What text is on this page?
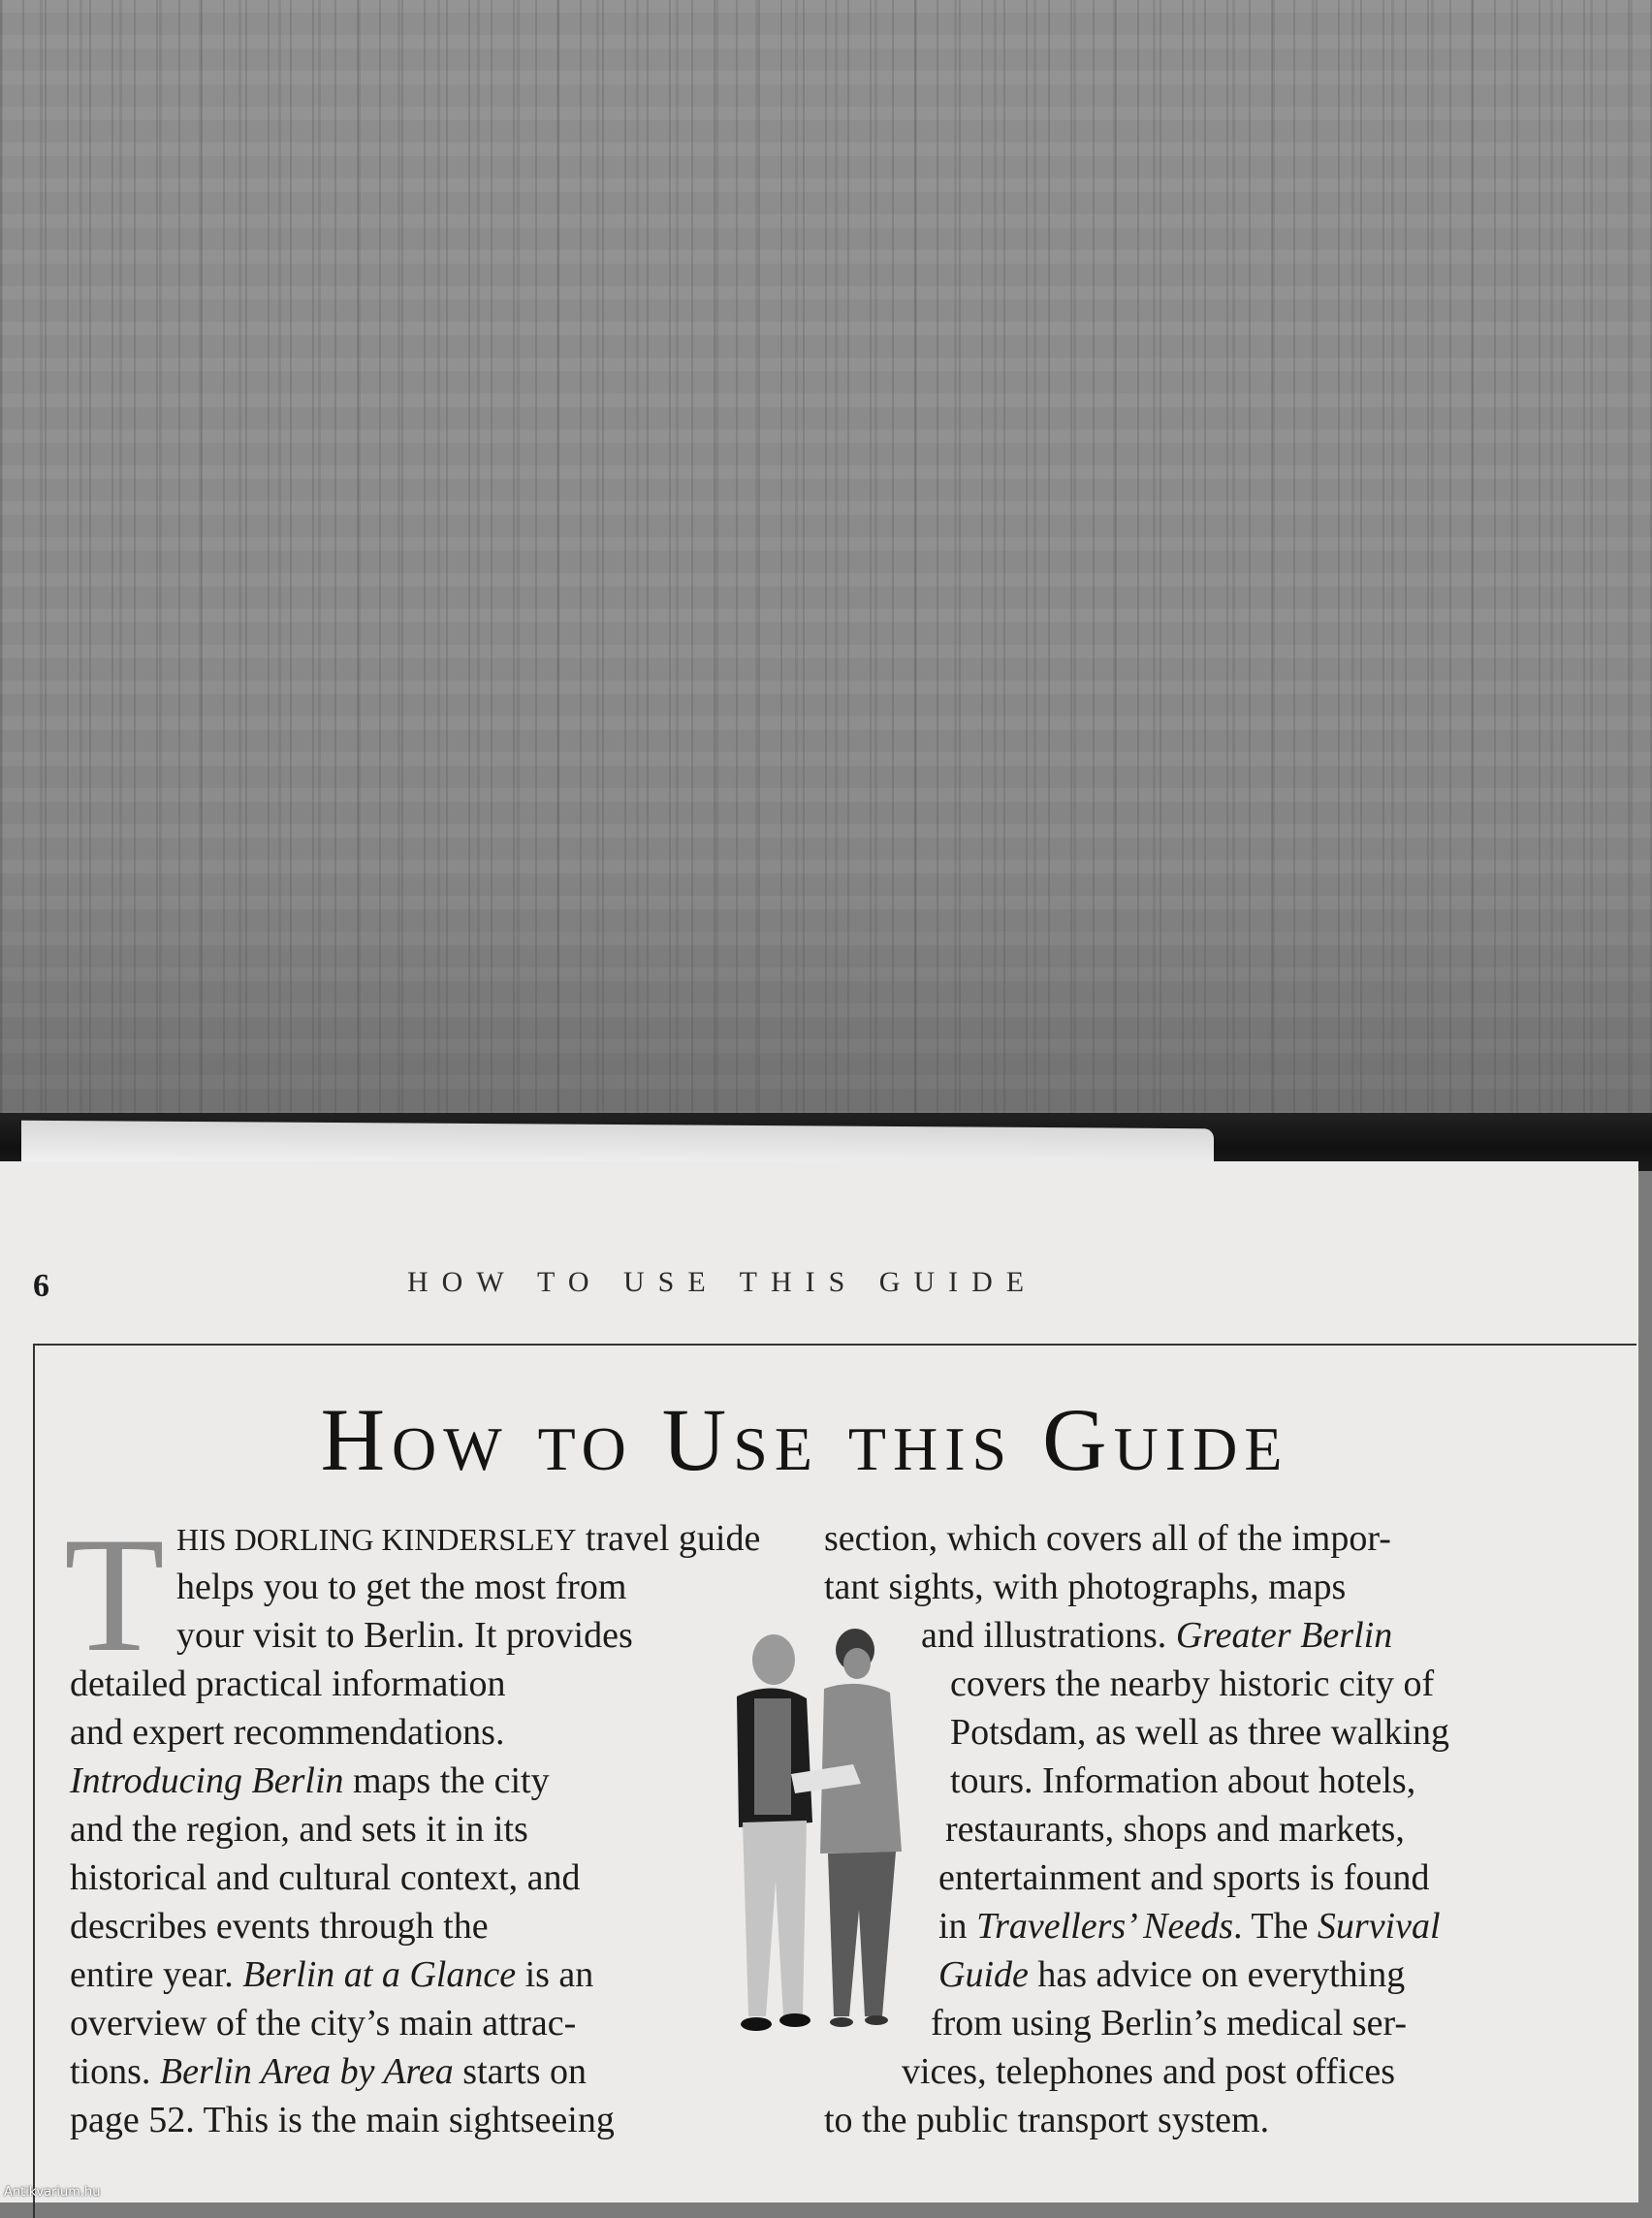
6	HOW TO USE THIS GUIDE
How to Use this Guide
T HIS DORLING KINDERSLEY travel guide
helps you to get the most from
your visit to Berlin. It provides
detailed practical information
and expert recommendations.
Introducing Berlin maps the city
and the region, and sets it in its
historical and cultural context, and
describes events through the
entire year. Berlin at a Glance is an
overview of the city’s main attrac-
tions. Berlin Area by Area starts on
page 52. This is the main sightseeing
section, which covers all of the impor-
tant sights, with photographs, maps
and illustrations. Greater Berlin
covers the nearby historic city of
Potsdam, as well as three walking
tours. Information about hotels,
restaurants, shops and markets,
entertainment and sports is found
in Travellers’ Needs. The Survival
Guide has advice on everything
from using Berlin’s medical ser-
vices, telephones and post offices
to the public transport system.
Antikvarium.hu
